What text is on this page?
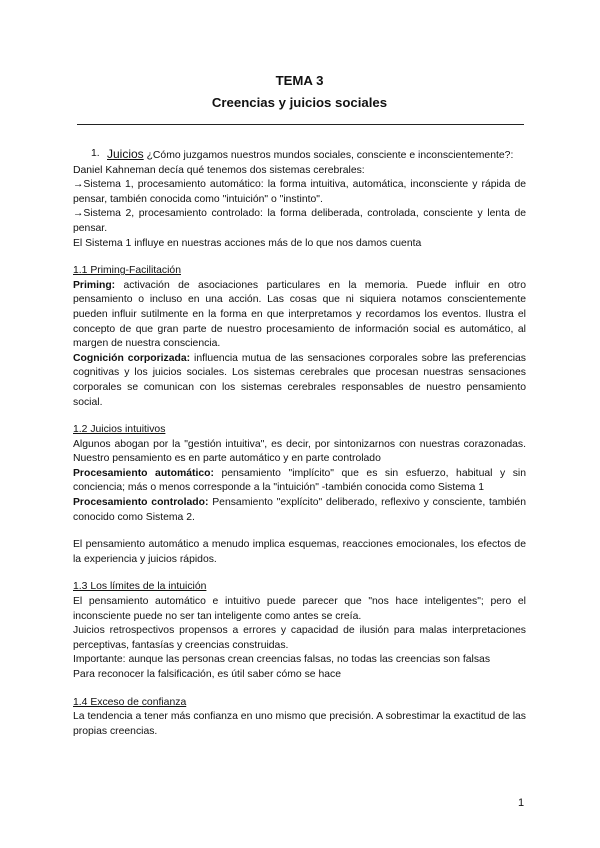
TEMA 3
Creencias y juicios sociales
1. Juicios ¿Cómo juzgamos nuestros mundos sociales, consciente e inconscientemente?:

Daniel Kahneman decía qué tenemos dos sistemas cerebrales:

→Sistema 1, procesamiento automático: la forma intuitiva, automática, inconsciente y rápida de pensar, también conocida como "intuición" o "instinto".

→Sistema 2, procesamiento controlado: la forma deliberada, controlada, consciente y lenta de pensar.

El Sistema 1 influye en nuestras acciones más de lo que nos damos cuenta

1.1 Priming-Facilitación

Priming: activación de asociaciones particulares en la memoria. Puede influir en otro pensamiento o incluso en una acción. Las cosas que ni siquiera notamos conscientemente pueden influir sutilmente en la forma en que interpretamos y recordamos los eventos. Ilustra el concepto de que gran parte de nuestro procesamiento de información social es automático, al margen de nuestra consciencia.

Cognición corporizada: influencia mutua de las sensaciones corporales sobre las preferencias cognitivas y los juicios sociales. Los sistemas cerebrales que procesan nuestras sensaciones corporales se comunican con los sistemas cerebrales responsables de nuestro pensamiento social.

1.2 Juicios intuitivos

Algunos abogan por la "gestión intuitiva", es decir, por sintonizarnos con nuestras corazonadas. Nuestro pensamiento es en parte automático y en parte controlado

Procesamiento automático: pensamiento "implícito" que es sin esfuerzo, habitual y sin conciencia; más o menos corresponde a la "intuición" -también conocida como Sistema 1

Procesamiento controlado: Pensamiento "explícito" deliberado, reflexivo y consciente, también conocido como Sistema 2.

El pensamiento automático a menudo implica esquemas, reacciones emocionales, los efectos de la experiencia y juicios rápidos.

1.3 Los límites de la intuición

El pensamiento automático e intuitivo puede parecer que "nos hace inteligentes"; pero el inconsciente puede no ser tan inteligente como antes se creía.

Juicios retrospectivos propensos a errores y capacidad de ilusión para malas interpretaciones perceptivas, fantasías y creencias construidas.

Importante: aunque las personas crean creencias falsas, no todas las creencias son falsas

Para reconocer la falsificación, es útil saber cómo se hace

1.4 Exceso de confianza

La tendencia a tener más confianza en uno mismo que precisión. A sobrestimar la exactitud de las propias creencias.

1
